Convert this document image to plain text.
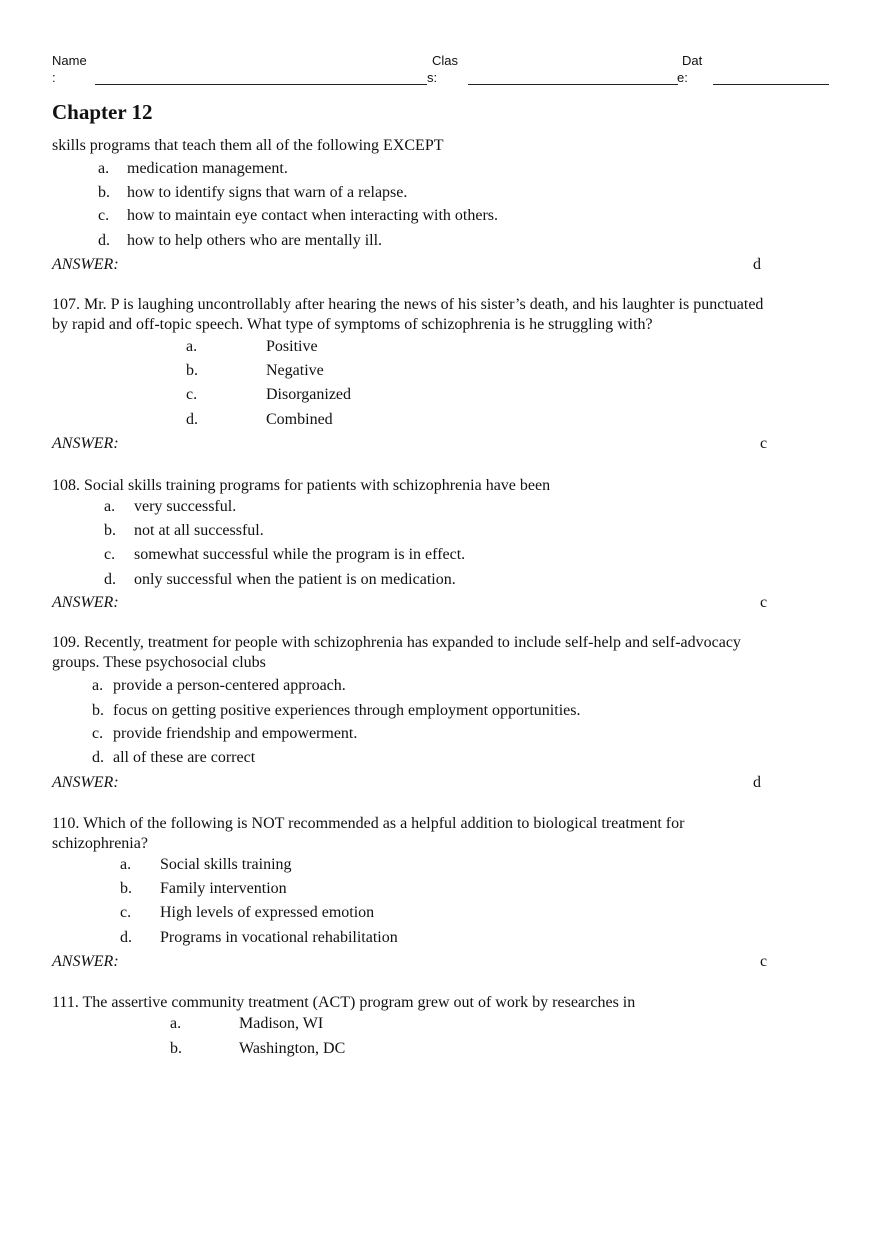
Name
:
Clas
s:
Dat
e:
Chapter 12
skills programs that teach them all of the following EXCEPT
a. medication management.
b. how to identify signs that warn of a relapse.
c. how to maintain eye contact when interacting with others.
d. how to help others who are mentally ill.
ANSWER:	d
107. Mr. P is laughing uncontrollably after hearing the news of his sister’s death, and his laughter is punctuated
by rapid and off-topic speech. What type of symptoms of schizophrenia is he struggling with?
a.	Positive
b.	Negative
c.	Disorganized
d.	Combined
ANSWER:	c
108. Social skills training programs for patients with schizophrenia have been
a. very successful.
b. not at all successful.
c. somewhat successful while the program is in effect.
d. only successful when the patient is on medication.
ANSWER:	c
109. Recently, treatment for people with schizophrenia has expanded to include self-help and self-advocacy
groups. These psychosocial clubs
a. provide a person-centered approach.
b. focus on getting positive experiences through employment opportunities.
c. provide friendship and empowerment.
d. all of these are correct
ANSWER:	d
110. Which of the following is NOT recommended as a helpful addition to biological treatment for
schizophrenia?
a. Social skills training
b. Family intervention
c. High levels of expressed emotion
d. Programs in vocational rehabilitation
ANSWER:	c
111. The assertive community treatment (ACT) program grew out of work by researches in
a.	Madison, WI
b.	Washington, DC
